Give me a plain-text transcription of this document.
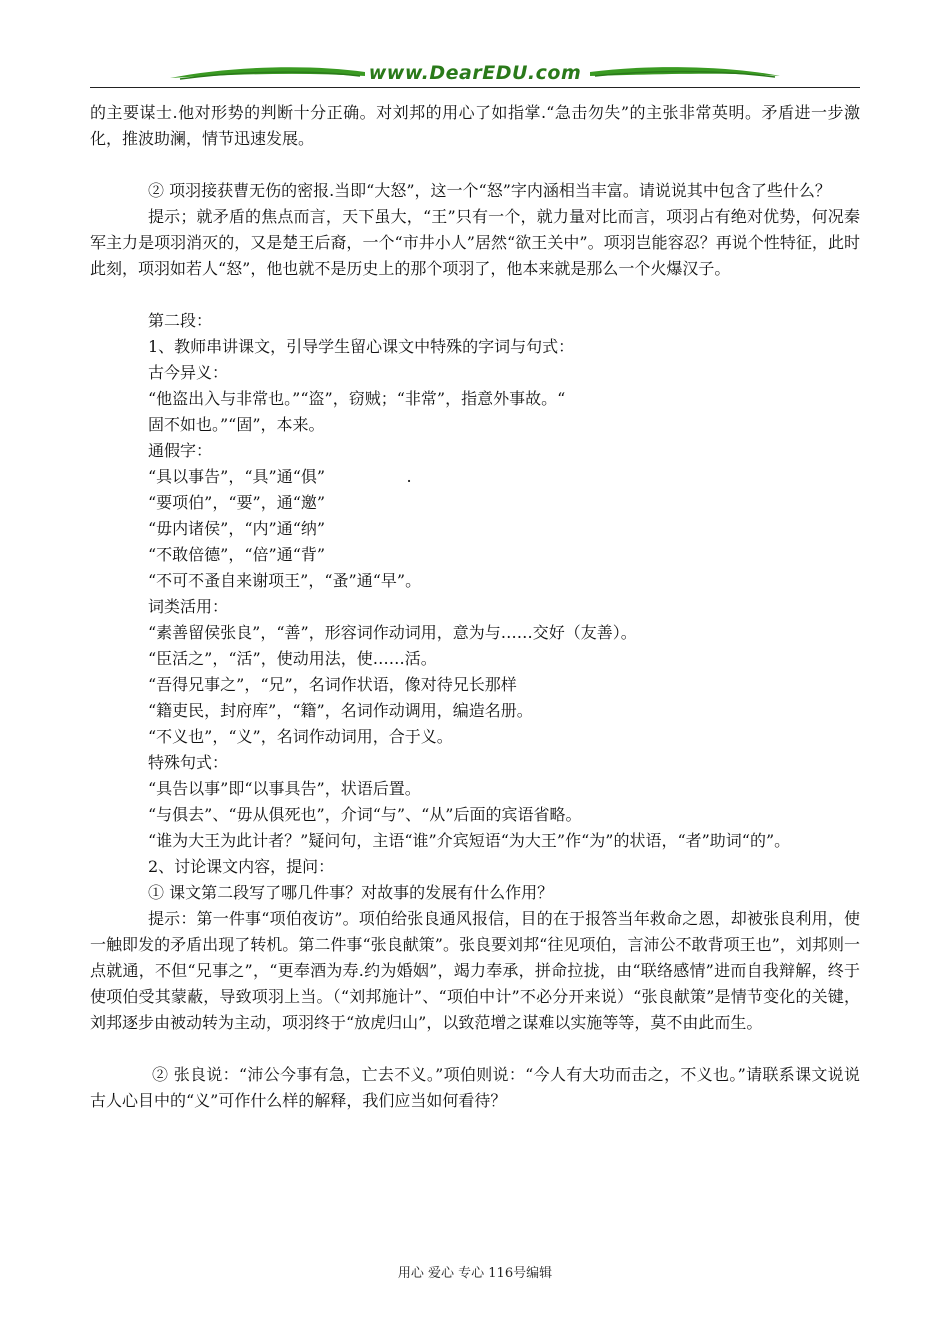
www.DearEDU.com

的主要谋士.他对形势的判断十分正确。对刘邦的用心了如指掌.“急击勿失”的主张非常英明。矛盾进一步激化，推波助澜，情节迅速发展。

② 项羽接获曹无伤的密报.当即“大怒”，这一个“怒”字内涵相当丰富。请说说其中包含了些什么？

提示；就矛盾的焦点而言，天下虽大，“王”只有一个，就力量对比而言，项羽占有绝对优势，何况秦军主力是项羽消灭的，又是楚王后裔，一个“市井小人”居然“欲王关中”。项羽岂能容忍？再说个性特征，此时此刻，项羽如若人“怒”，他也就不是历史上的那个项羽了，他本来就是那么一个火爆汉子。

第二段：

1、教师串讲课文，引导学生留心课文中特殊的字词与句式：

古今异义：

“他盗出入与非常也。”“盗”，窃贼；“非常”，指意外事故。“

固不如也。”“固”，本来。

通假字：

“具以事告”，“具”通“俱”                .

“要项伯”，“要”，通“邀”

“毋内诸侯”，“内”通“纳”

“不敢倍德”，“倍”通“背”

“不可不蚤自来谢项王”，“蚤”通“早”。

词类活用：

“素善留侯张良”，“善”，形容词作动词用，意为与……交好（友善）。

“臣活之”，“活”，使动用法，使……活。

“吾得兄事之”，“兄”，名词作状语，像对待兄长那样

“籍吏民，封府库”，“籍”，名词作动调用，编造名册。

“不义也”，“义”，名词作动词用，合于义。

特殊句式：

“具告以事”即“以事具告”，状语后置。

“与俱去”、“毋从俱死也”，介词“与”、“从”后面的宾语省略。

“谁为大王为此计者？”疑问句，主语“谁”介宾短语“为大王”作“为”的状语，“者”助词“的”。

2、讨论课文内容，提问：

① 课文第二段写了哪几件事？对故事的发展有什么作用？

提示：第一件事“项伯夜访”。项伯给张良通风报信，目的在于报答当年救命之恩，却被张良利用，使一触即发的矛盾出现了转机。第二件事“张良献策”。张良要刘邦“往见项伯，言沛公不敢背项王也”，刘邦则一点就通，不但“兄事之”，“更奉酒为寿.约为婚姻”，竭力奉承，拼命拉拢，由“联络感情”进而自我辩解，终于使项伯受其蒙蔽，导致项羽上当。（“刘邦施计”、“项伯中计”不必分开来说）“张良献策”是情节变化的关键，刘邦逐步由被动转为主动，项羽终于“放虎归山”，以致范增之谋难以实施等等，莫不由此而生。

② 张良说：“沛公今事有急，亡去不义。”项伯则说：“今人有大功而击之，不义也。”请联系课文说说古人心目中的“义”可作什么样的解释，我们应当如何看待？

用心 爱心 专心 116号编辑
